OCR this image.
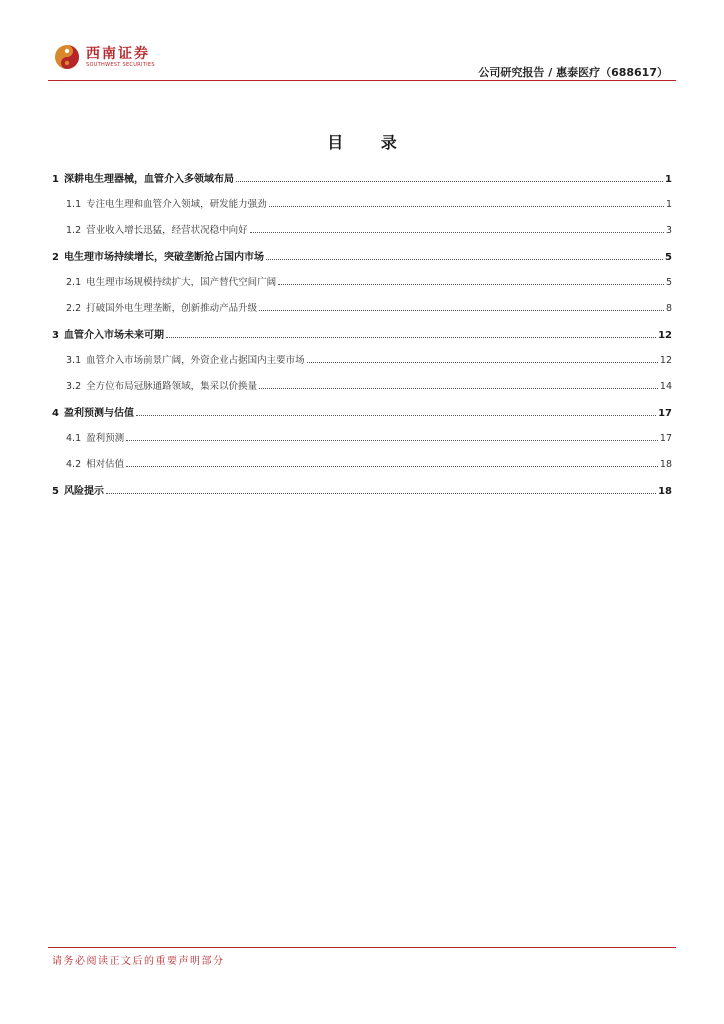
西南证券
SOUTHWEST SECURITIES
公司研究报告 / 惠泰医疗（688617）
目 录
1 深耕电生理器械，血管介入多领域布局	1
1.1 专注电生理和血管介入领域，研发能力强劲	1
1.2 营业收入增长迅猛，经营状况稳中向好	3
2 电生理市场持续增长，突破垄断抢占国内市场	5
2.1 电生理市场规模持续扩大，国产替代空间广阔	5
2.2 打破国外电生理垄断，创新推动产品升级	8
3 血管介入市场未来可期	12
3.1 血管介入市场前景广阔，外资企业占据国内主要市场	12
3.2 全方位布局冠脉通路领域，集采以价换量	14
4 盈利预测与估值	17
4.1 盈利预测	17
4.2 相对估值	18
5 风险提示	18
请务必阅读正文后的重要声明部分
